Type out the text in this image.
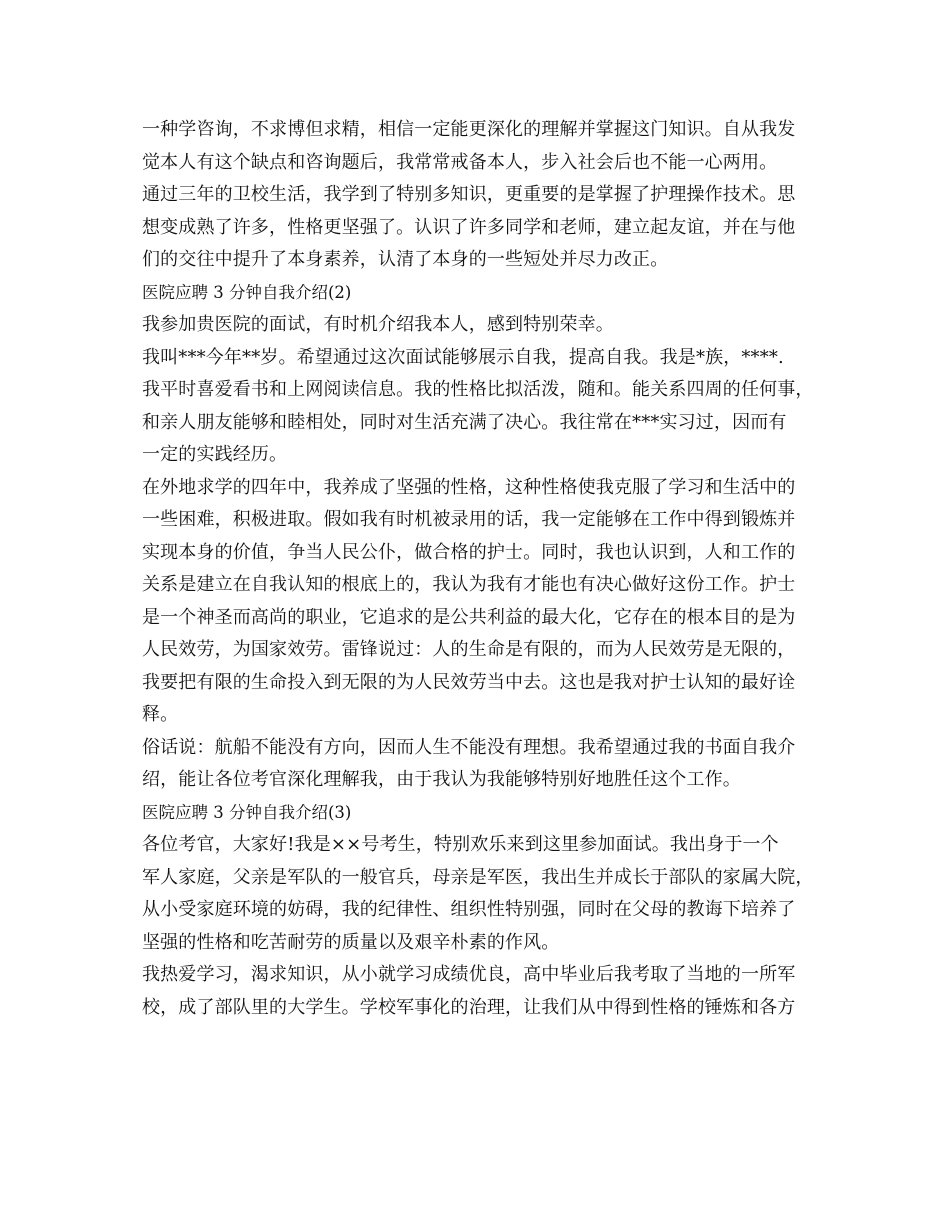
一种学咨询，不求博但求精，相信一定能更深化的理解并掌握这门知识。自从我发
觉本人有这个缺点和咨询题后，我常常戒备本人，步入社会后也不能一心两用。
通过三年的卫校生活，我学到了特别多知识，更重要的是掌握了护理操作技术。思
想变成熟了许多，性格更坚强了。认识了许多同学和老师，建立起友谊，并在与他
们的交往中提升了本身素养，认清了本身的一些短处并尽力改正。
医院应聘 3 分钟自我介绍(2)
我参加贵医院的面试，有时机介绍我本人，感到特别荣幸。
我叫***今年**岁。希望通过这次面试能够展示自我，提高自我。我是*族，****.
我平时喜爱看书和上网阅读信息。我的性格比拟活泼，随和。能关系四周的任何事，
和亲人朋友能够和睦相处，同时对生活充满了决心。我往常在***实习过，因而有
一定的实践经历。
在外地求学的四年中，我养成了坚强的性格，这种性格使我克服了学习和生活中的
一些困难，积极进取。假如我有时机被录用的话，我一定能够在工作中得到锻炼并
实现本身的价值，争当人民公仆，做合格的护士。同时，我也认识到，人和工作的
关系是建立在自我认知的根底上的，我认为我有才能也有决心做好这份工作。护士
是一个神圣而高尚的职业，它追求的是公共利益的最大化，它存在的根本目的是为
人民效劳，为国家效劳。雷锋说过：人的生命是有限的，而为人民效劳是无限的，
我要把有限的生命投入到无限的为人民效劳当中去。这也是我对护士认知的最好诠
释。
俗话说：航船不能没有方向，因而人生不能没有理想。我希望通过我的书面自我介
绍，能让各位考官深化理解我，由于我认为我能够特别好地胜任这个工作。
医院应聘 3 分钟自我介绍(3)
各位考官，大家好!我是××号考生，特别欢乐来到这里参加面试。我出身于一个
军人家庭，父亲是军队的一般官兵，母亲是军医，我出生并成长于部队的家属大院，
从小受家庭环境的妨碍，我的纪律性、组织性特别强，同时在父母的教诲下培养了
坚强的性格和吃苦耐劳的质量以及艰辛朴素的作风。
我热爱学习，渴求知识，从小就学习成绩优良，高中毕业后我考取了当地的一所军
校，成了部队里的大学生。学校军事化的治理，让我们从中得到性格的锤炼和各方
